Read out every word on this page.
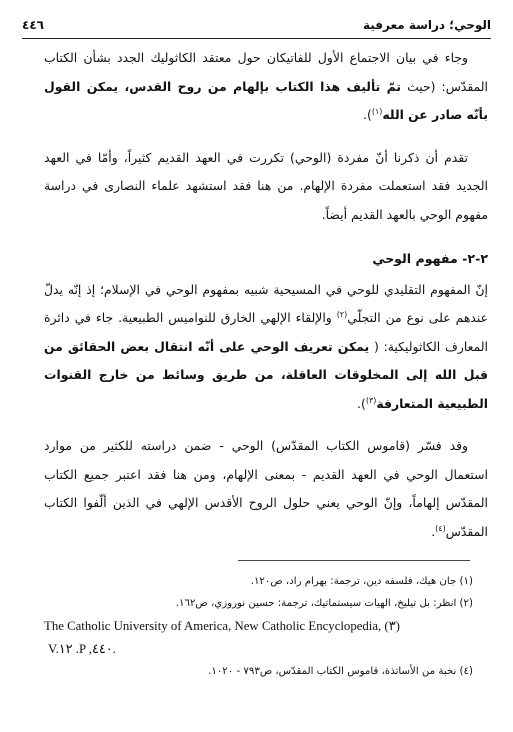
٤٤٦	الوحي؛ دراسة معرفية

وجاء في بيان الاجتماع الأول للفاتيكان حول معتقد الكاثوليك الجدد بشأن الكتاب المقدّس: (حيث تمّ تأليف هذا الكتاب بإلهام من روح القدس، يمكن القول بأنّه صادر عن الله$^{(١)}$).

تقدم أن ذكرنا أنّ مفردة (الوحي) تكررت في العهد القديم كثيراً، وأمّا في العهد الجديد فقد استعملت مفردة الإلهام. من هنا فقد استشهد علماء النصارى في دراسة مفهوم الوحي بالعهد القديم أيضاً.

٢-٢- مفهوم الوحي

إنّ المفهوم التقليدي للوحي في المسيحية شبيه بمفهوم الوحي في الإسلام؛ إذ إنّه يدلّ عندهم على نوع من التجلّي$^{(٢)}$ والإلقاء الإلهي الخارق للنواميس الطبيعية. جاء في دائرة المعارف الكاثوليكية: ( يمكن تعريف الوحي على أنّه انتقال بعض الحقائق من قبل الله إلى المخلوقات العاقلة، من طريق وسائط من خارج القنوات الطبيعية المتعارفة$^{(٣)}$).

وقد فسّر (قاموس الكتاب المقدّس) الوحي - ضمن دراسته للكثير من موارد استعمال الوحي في العهد القديم - بمعنى الإلهام، ومن هنا فقد اعتبر جميع الكتاب المقدّس إلهاماً، وإنّ الوحي يعني حلول الروح الأقدس الإلهي في الذين ألّفوا الكتاب المقدّس$^{(٤)}$.

(١) جان هيك، فلسفه دين، ترجمة: بهرام راد، ص١٢٠.
(٢) انظر: بل تيليخ، الهيات سيستماتيك، ترجمة: حسين نوروزي، ص١٦٢.
The Catholic University of America, New Catholic Encyclopedia, (٣)
V.١٢ .P ,٤٤٠.
(٤) نخبة من الأساتذة، قاموس الكتاب المقدّس، ص٧٩٣ - ١٠٢٠.
